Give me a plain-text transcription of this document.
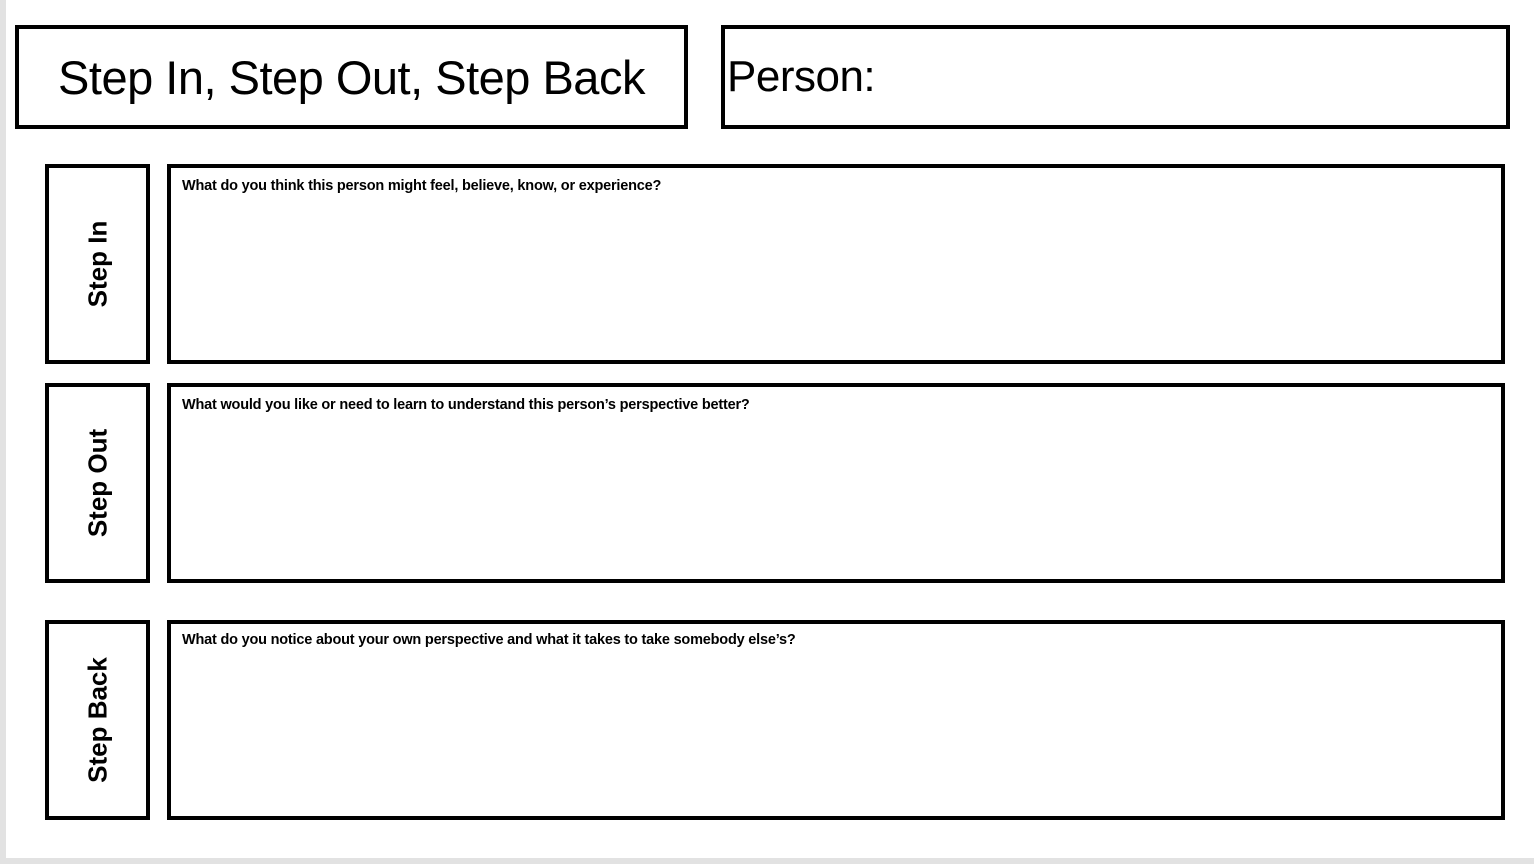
Step In, Step Out, Step Back Person:
Step In
What do you think this person might feel, believe, know, or experience?
Step Out
What would you like or need to learn to understand this person’s perspective better?
Step Back
What do you notice about your own perspective and what it takes to take somebody else’s?
